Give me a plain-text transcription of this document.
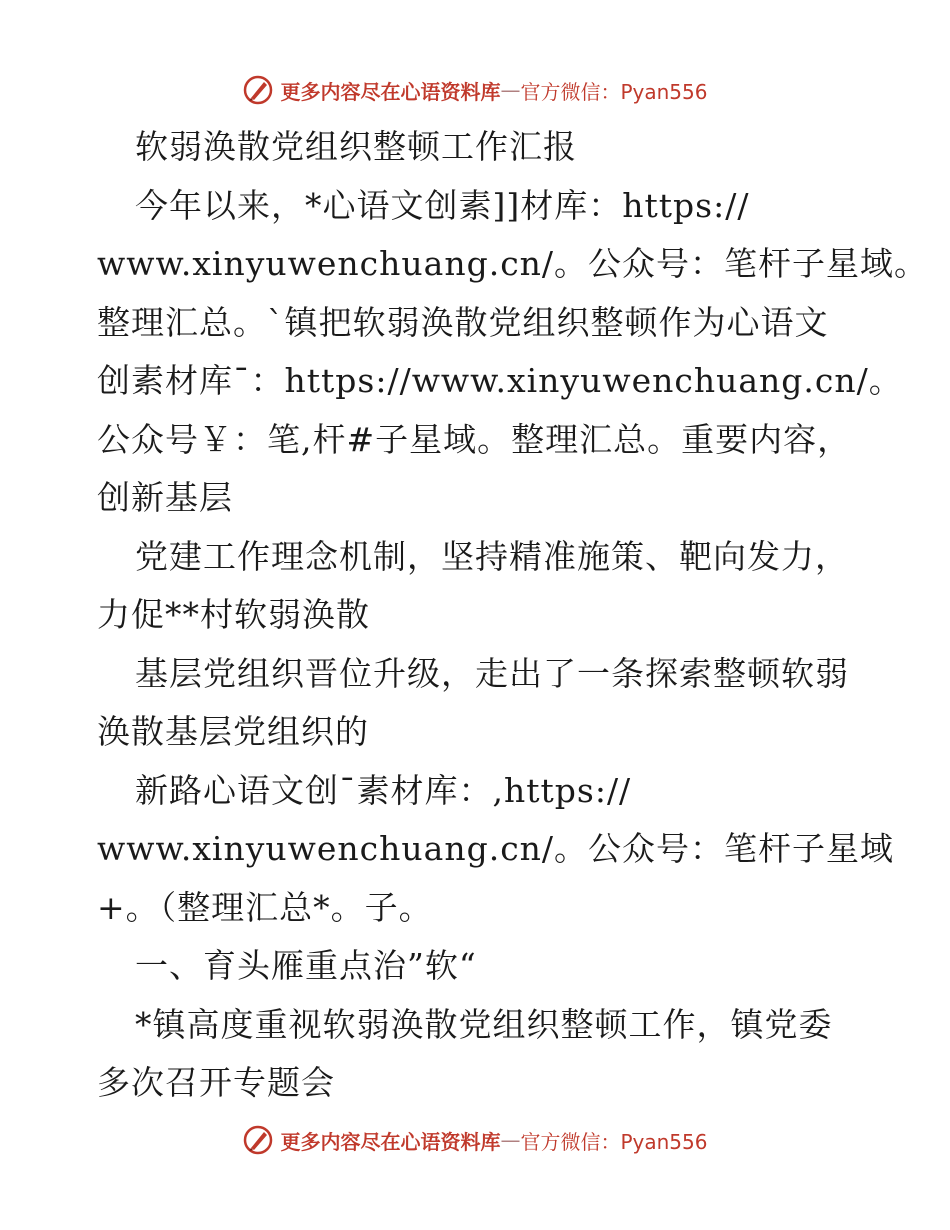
更多内容尽在心语资料库 — 官方微信：Pyan556
软弱涣散党组织整顿工作汇报
今年以来，*心语文创素]]材库：https://
www.xinyuwenchuang.cn/。公众号：笔杆子星域。
整理汇总。`镇把软弱涣散党组织整顿作为心语文
创素材库¯：https://www.xinyuwenchuang.cn/。
公众号￥：笔,杆#子星域。整理汇总。重要内容，
创新基层
党建工作理念机制，坚持精准施策、靶向发力，
力促**村软弱涣散
基层党组织晋位升级，走出了一条探索整顿软弱
涣散基层党组织的
新路心语文创¯素材库：,https://
www.xinyuwenchuang.cn/。公众号：笔杆子星域
+。（整理汇总*。子。
一、育头雁重点治”软“
*镇高度重视软弱涣散党组织整顿工作，镇党委
多次召开专题会
更多内容尽在心语资料库 — 官方微信：Pyan556
